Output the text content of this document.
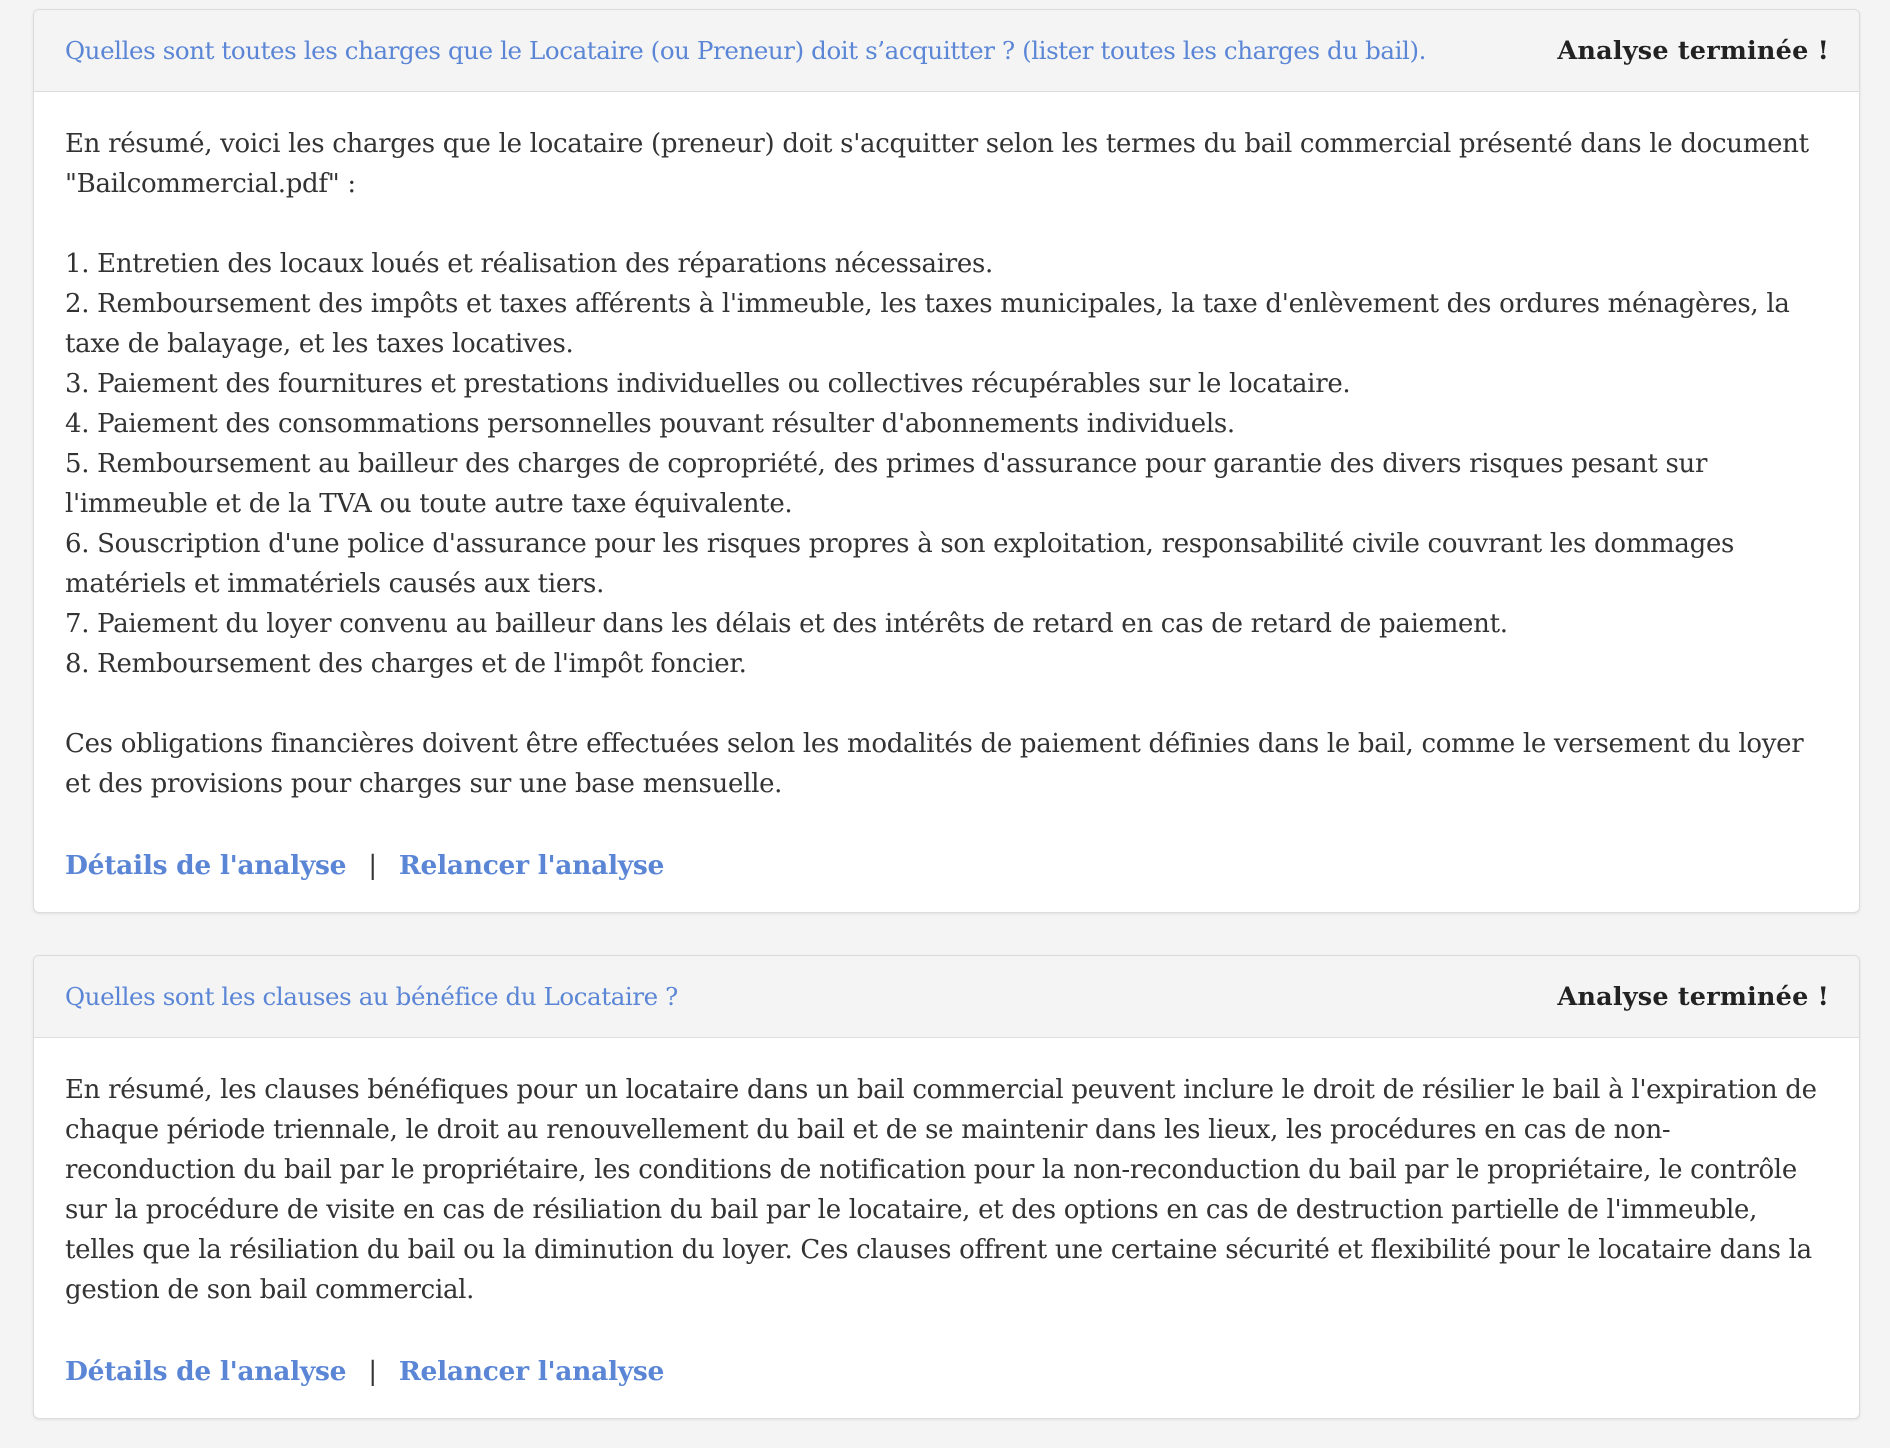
Quelles sont toutes les charges que le Locataire (ou Preneur) doit s’acquitter ? (lister toutes les charges du bail).	Analyse terminée !

En résumé, voici les charges que le locataire (preneur) doit s'acquitter selon les termes du bail commercial présenté dans le document "Bailcommercial.pdf" :

1. Entretien des locaux loués et réalisation des réparations nécessaires.

2. Remboursement des impôts et taxes afférents à l'immeuble, les taxes municipales, la taxe d'enlèvement des ordures ménagères, la taxe de balayage, et les taxes locatives.

3. Paiement des fournitures et prestations individuelles ou collectives récupérables sur le locataire.

4. Paiement des consommations personnelles pouvant résulter d'abonnements individuels.

5. Remboursement au bailleur des charges de copropriété, des primes d'assurance pour garantie des divers risques pesant sur l'immeuble et de la TVA ou toute autre taxe équivalente.

6. Souscription d'une police d'assurance pour les risques propres à son exploitation, responsabilité civile couvrant les dommages matériels et immatériels causés aux tiers.

7. Paiement du loyer convenu au bailleur dans les délais et des intérêts de retard en cas de retard de paiement.

8. Remboursement des charges et de l'impôt foncier.

Ces obligations financières doivent être effectuées selon les modalités de paiement définies dans le bail, comme le versement du loyer et des provisions pour charges sur une base mensuelle.

Détails de l'analyse | Relancer l'analyse
Quelles sont les clauses au bénéfice du Locataire ?	Analyse terminée !

En résumé, les clauses bénéfiques pour un locataire dans un bail commercial peuvent inclure le droit de résilier le bail à l'expiration de chaque période triennale, le droit au renouvellement du bail et de se maintenir dans les lieux, les procédures en cas de non-reconduction du bail par le propriétaire, les conditions de notification pour la non-reconduction du bail par le propriétaire, le contrôle sur la procédure de visite en cas de résiliation du bail par le locataire, et des options en cas de destruction partielle de l'immeuble, telles que la résiliation du bail ou la diminution du loyer. Ces clauses offrent une certaine sécurité et flexibilité pour le locataire dans la gestion de son bail commercial.

Détails de l'analyse | Relancer l'analyse
